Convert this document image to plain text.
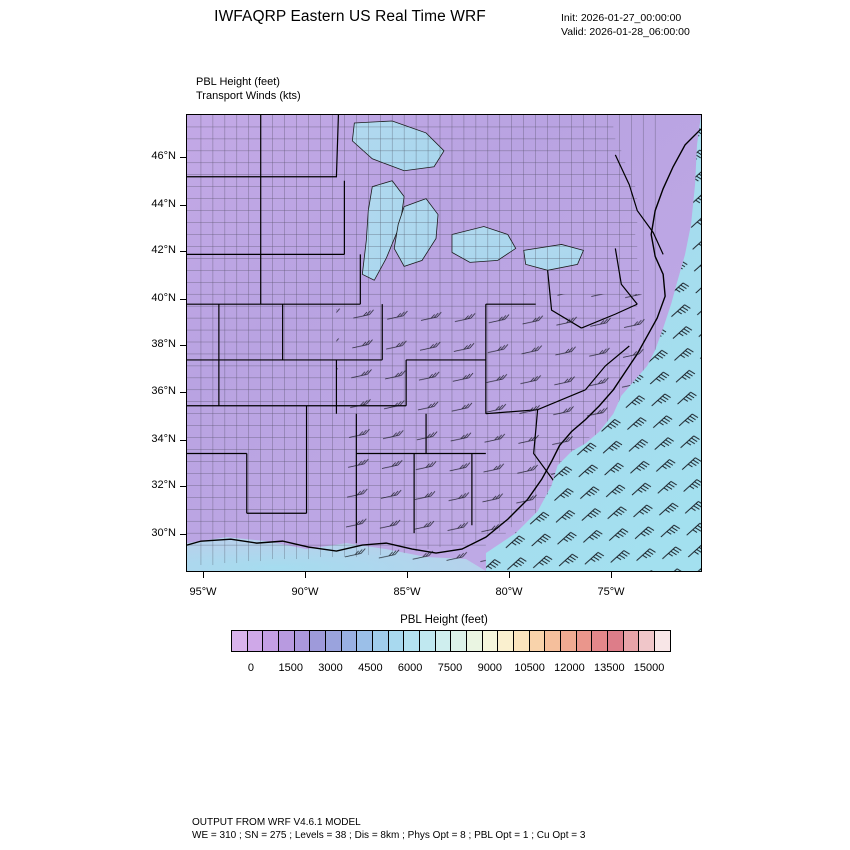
IWFAQRP Eastern US Real Time WRF	Init: 2026-01-27_00:00:00
Valid: 2026-01-28_06:00:00
PBL Height (feet)
Transport Winds (kts)
46°N
44°N
42°N
40°N
38°N
36°N
34°N
32°N
30°N
95°W	90°W	85°W	80°W	75°W
PBL Height (feet)
0 1500 3000 4500 6000 7500 9000 10500 12000 13500 15000
OUTPUT FROM WRF V4.6.1 MODEL
WE = 310 ; SN = 275 ; Levels = 38 ; Dis = 8km ; Phys Opt = 8 ; PBL Opt = 1 ; Cu Opt = 3
